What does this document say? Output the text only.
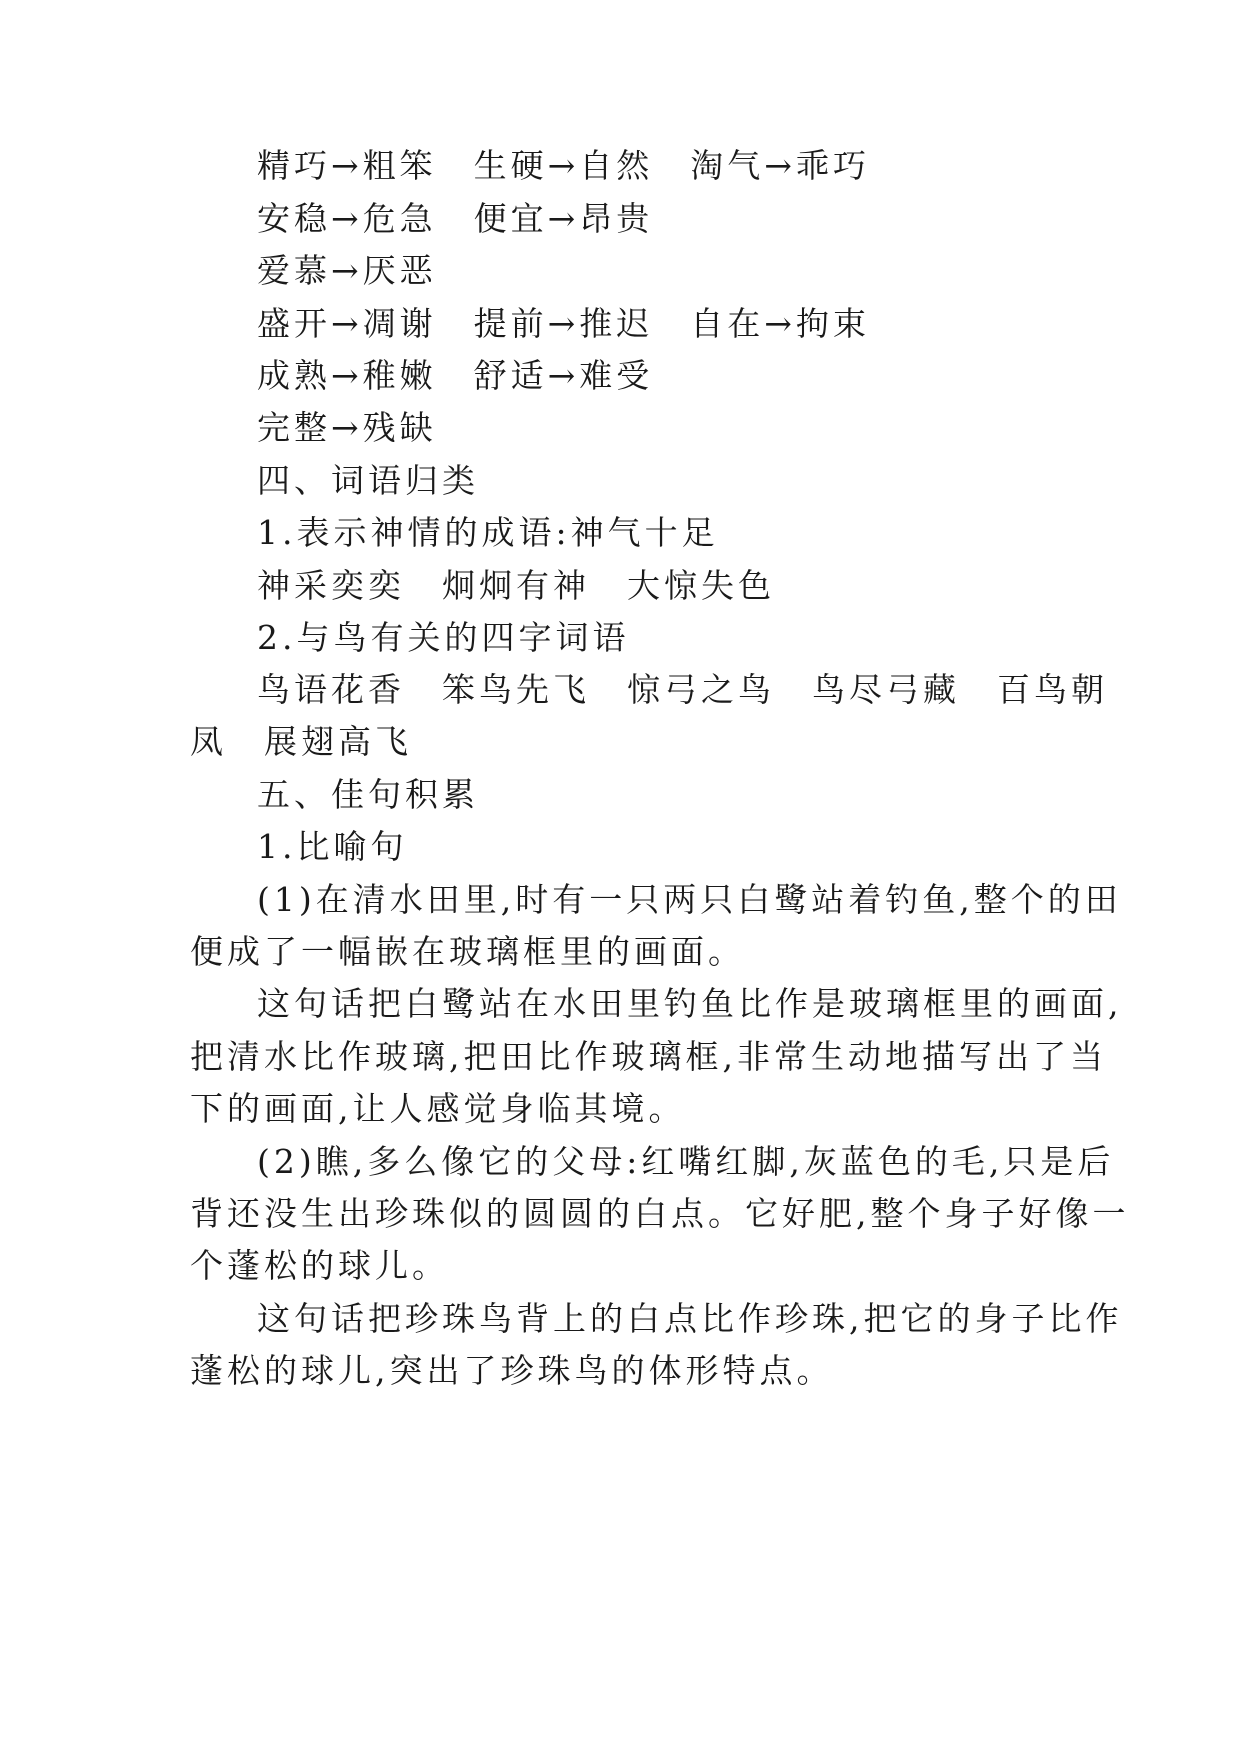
精巧→粗笨　生硬→自然　淘气→乖巧
安稳→危急　便宜→昂贵
爱慕→厌恶
盛开→凋谢　提前→推迟　自在→拘束
成熟→稚嫩　舒适→难受
完整→残缺
四、词语归类
1.表示神情的成语:神气十足
神采奕奕　炯炯有神　大惊失色
2.与鸟有关的四字词语
鸟语花香　笨鸟先飞　惊弓之鸟　鸟尽弓藏　百鸟朝
凤　展翅高飞
五、佳句积累
1.比喻句
(1)在清水田里,时有一只两只白鹭站着钓鱼,整个的田
便成了一幅嵌在玻璃框里的画面。
这句话把白鹭站在水田里钓鱼比作是玻璃框里的画面,
把清水比作玻璃,把田比作玻璃框,非常生动地描写出了当
下的画面,让人感觉身临其境。
(2)瞧,多么像它的父母:红嘴红脚,灰蓝色的毛,只是后
背还没生出珍珠似的圆圆的白点。它好肥,整个身子好像一
个蓬松的球儿。
这句话把珍珠鸟背上的白点比作珍珠,把它的身子比作
蓬松的球儿,突出了珍珠鸟的体形特点。
